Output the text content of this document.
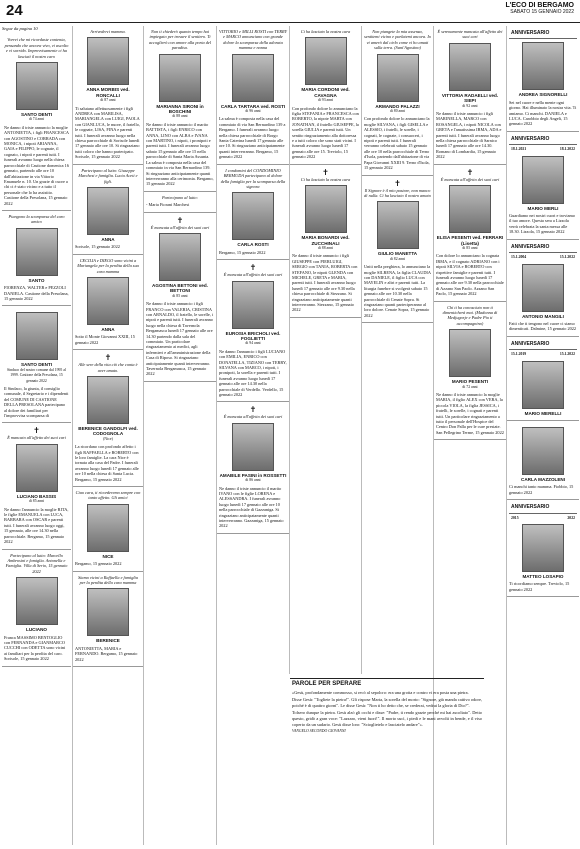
24	L'ECO DI BERGAMO
SABATO 15 GENNAIO 2022
Segue da pagina 10

Vorrei che mi ricordaste contenta, pensando che ancora vivo, vi ascolto e vi sorrido. Improvvisamente ci ha lasciati il nostro caro

SANTO DENTI
di 74 anni

Ne danno il triste annuncio la moglie ANTONIETTA, i figli FRANCESCA con AGOSTINO e CORRADA con MONICA, i nipoti ARIANNA, GAIA e FILIPPO, le cognate, il cognato, i nipoti e parenti tutti. I funerali avranno luogo nella chiesa parrocchiale di Castione domenica 16 gennaio, partendo alle ore 10 dall'abitazione in via Vittorio Emanuele n. 10. Un grazie di cuore a chi ci è stato vicino e a tutto il personale che lo ha assistito. Castione della Presolana, 15 gennaio 2022

Piangono la scomparsa del caro amico

SANTO

FIORENZA, WALTER e PEZZOLI DANIELA. Castione della Presolana, 15 gennaio 2022

SANTO DENTI
Sindaco del nostro comune dal 1995 al 1999. Castione della Presolana, 15 gennaio 2022

Il Sindaco, la giunta, il consiglio comunale, il Segretario e i dipendenti del COMUNE DI CASTIONE DELLA PRESOLANA partecipano al dolore dei familiari per l'improvvisa scomparsa di

✝

È mancato all'affetto dei suoi cari

LUCIANO BASSIS
di 85 anni

Ne danno l'annuncio la moglie RITA, le figlie EMANUELA con LUCA, BARBARA con OSCAR e parenti tutti. I funerali avranno luogo oggi, 15 gennaio, alle ore 14.30 nella parrocchiale. Bergamo, 15 gennaio 2022

Partecipano al lutto: Marcello Ambrosini e famiglia. Antonella e Famiglia. Villa di Serio, 15 gennaio 2022

LUCIANO

Franca MASSIMO BENTOGLIO con FERNANDA e GIANMARCO CUCCHI con ODETTA sono vicini ai familiari per la perdita del caro. Sorisole, 15 gennaio 2022

Arrivederci mamma.

ANNA MORBIS ved. RONCALLI
di 87 anni

Ti salutano affettuosamente i figli ANDREA con MARILISA, MARIANGELA con LUIGI, PAOLA con GIANLUCA, le nuore, il fratello, le cognate, LISA, FINA e parenti tutti. I funerali avranno luogo nella chiesa parrocchiale di Sorisole lunedì 17 gennaio alle ore 10. Si ringraziano tutti coloro che hanno partecipato. Sorisole, 15 gennaio 2022

Partecipano al lutto: Giuseppe Marchesi e famiglia. Lucia Aceti e figli.

ANNA

Sorisole, 15 gennaio 2022

CECILIA e DIEGO sono vicini a Mariangela per la perdita della sua cara mamma

ANNA

Sotto il Monte Giovanni XXIII, 15 gennaio 2022

✝

Alle sere della vita ciò che conta è aver amato.

BERENICE GANDOLFI ved. CODOGNOLA
(Nice)

La ricordano con profondo affetto i figli RAFFAELLA e ROBERTO con le loro famiglie. La cara Nice è tornata alla casa del Padre. I funerali avranno luogo lunedì 17 gennaio alle ore 10 nella chiesa di Santa Lucia. Bergamo, 15 gennaio 2022

Ciao cara, ti ricorderemo sempre con tanto affetto. Gli amici

NICE

Bergamo, 15 gennaio 2022

Siamo vicini a Raffaella e famiglia per la perdita della cara mamma

BERENICE

ANTONIETTA, MARIA e FERNANDO. Bergamo, 15 gennaio 2022

Non ti chiederò quanto tempo hai impiegato per trovare il sentiero. Ti accoglierò con amore alla porta del paradiso.

MARIANNA SIRONI in BOSCHINI
di 88 anni

Ne danno il triste annuncio il marito BATTISTA, i figli ENRICO con ANNA, LINO con ALBA e IVANA con MARTINO, i nipoti, i pronipoti e parenti tutti. I funerali avranno luogo sabato 15 gennaio alle ore 15 nella parrocchiale di Santa Maria Assunta. La salma è composta nella casa del commiato in via San Bernardino 139. Si ringraziano anticipatamente quanti interverranno alla cerimonia. Bergamo, 15 gennaio 2022

Partecipano al lutto:

- Maria Fiorani Marchesi

✝

È mancata all'affetto dei suoi cari

AGOSTINA BETTONI ved. BETTONI
di 85 anni

Ne danno il triste annuncio i figli FRANCO con VALERIA, CRISTINA con ARNALDO, il fratello, le sorelle, i nipoti e parenti tutti. I funerali avranno luogo nella chiesa di Tavernola Bergamasca lunedì 17 gennaio alle ore 14.30 partendo dalla sala del commiato. Un particolare ringraziamento ai medici, agli infermieri e all'amministrazione della Casa di Riposo. Si ringraziano anticipatamente quanti interverranno. Tavernola Bergamasca, 15 gennaio 2022

VITTORIO e MILLI ROSTI con TERRY e MARCO annunciano con grande dolore la scomparsa della adorata mamma e nonna

CARLA TARTARA ved. ROSTI
di 96 anni

La salma è composta nella casa del commiato di via San Bernardino 139 a Bergamo. I funerali avranno luogo nella chiesa parrocchiale di Borgo Santa Caterina lunedì 17 gennaio alle ore 10. Si ringraziano anticipatamente quanti interverranno. Bergamo, 15 gennaio 2022

I condomini del CONDOMINIO BERMUDA partecipano al dolore della famiglia per la scomparsa della signora

CARLA ROSTI

Bergamo, 15 gennaio 2022

✝

È mancata all'affetto dei suoi cari

EUROSIA BRICHOLI ved. FOGLIETTI
di 94 anni

Ne danno l'annuncio i figli LUCIANO con EMILIA, ENRICO con DONATELLA, TIZIANO con TERRY, SILVANA con MARCO, i nipoti, i pronipoti, la sorella e parenti tutti. I funerali avranno luogo lunedì 17 gennaio alle ore 14.30 nella parrocchiale di Verdello. Verdello, 15 gennaio 2022

✝

È mancata all'affetto dei suoi cari

AMABILE PASINI in ROSSETTI
di 86 anni

Ne danno il triste annuncio il marito IVANO con le figlie LORENA e ALESSANDRA. I funerali avranno luogo lunedì 17 gennaio alle ore 10 nella parrocchiale di Gazzaniga. Si ringraziano anticipatamente quanti interverranno. Gazzaniga, 15 gennaio 2022

Ci ha lasciato la nostra cara

MARIA CORDONI ved. CAVAGNA
di 93 anni

Con profondo dolore lo annunciano la figlia STEFANIA e FRANCESCA con ROBERTO, la nipote MARTA con JONATHAN, il fratello GIUSEPPE, la sorella GIULIA e parenti tutti. Un sentito ringraziamento alla dottoressa e a tutti coloro che sono stati vicini. I funerali avranno luogo lunedì 17 gennaio alle ore 15. Treviolo, 15 gennaio 2022

✝

Ci ha lasciato la nostra cara

MARIA BONARDI ved. ZUCCHINALI
di 88 anni

Ne danno il triste annuncio i figli GIUSEPPE con PIERLUIGI, SERGIO con TANIA, ROBERTA con STEFANO, le nipoti GLENDA con MICHELE, GRETA e MARIA, parenti tutti. I funerali avranno luogo lunedì 17 gennaio alle ore 9.30 nella chiesa parrocchiale di Stezzano. Si ringraziano anticipatamente quanti interverranno. Stezzano, 15 gennaio 2022

Non piangete la mia assenza, sentitemi vicino e parlatemi ancora. Io vi amerò dal cielo come vi ho amati sulla terra. (Sant'Agostino)

ARMANDO PALAZZI
di 80 anni

Con profondo dolore lo annunciano la moglie SILVANA, i figli GISELLA e ALESSIO, i fratelli, le sorelle, i cognati, le cognate, i consuoceri, i nipoti e parenti tutti. I funerali verranno celebrati sabato 15 gennaio alle ore 10 nella parrocchiale di Terno d'Isola, partendo dall'abitazione di via Papa Giovanni XXIII 9. Terno d'Isola, 15 gennaio 2022

✝

Il Signore è il mio pastore, non manco di nulla. Ci ha lasciato il nostro amato

GIULIO MANETTA
di 82 anni

Uniti nella preghiera, lo annunciano la moglie SILRENA, la figlia CLAUDIA con DANIELE, il figlio LUCA con MAYELIN e altri e parenti tutti. La liturgia funebre si svolgerà sabato 15 gennaio alle ore 10.30 nella parrocchiale di Cenate Sopra. Si ringraziano quanti parteciperanno al loro dolore. Cenate Sopra, 15 gennaio 2022

È serenamente mancata all'affetto dei suoi cari

VITTORIA RADAELLI ved. SIEPI
di 92 anni

Ne danno il triste annuncio i figli MARINELLA, MARCO con ROSANGELA, i nipoti NICOLA con GRETA e l'amatissima IRMA, ADA e parenti tutti. I funerali avranno luogo nella chiesa parrocchiale di Sarnico lunedì 17 gennaio alle ore 14.30. Romano di Lombardia, 15 gennaio 2022

✝

È mancata all'affetto dei suoi cari

ELISA PESENTI ved. FERRARI (Lisetta)
di 85 anni

Con dolore lo annunciano la cognata IRMA, e il cognato ADRIANO con i nipoti SILVIA e ROBERTO con rispettive famiglie e parenti tutti. I funerali avranno luogo lunedì 17 gennaio alle ore 9.30 nella parrocchiale di Azzano San Paolo. Azzano San Paolo, 15 gennaio 2022

Chi ti ha conosciuto non ti dimenticherà mai. (Madonna di Medjugorje e Padre Pio ti accompagnino)

MARIO PESENTI
di 72 anni

Ne danno il triste annuncio la moglie MARIA, il figlio ALEX con VERA, la piccola VIOLA, la figlia JESSICA, i fratelli, le sorelle, i cognati e parenti tutti. Un particolare ringraziamento a tutto il personale dell'Hospice del Centro Don Palla per le cure prestate. San Pellegrino Terme, 15 gennaio 2022

ANNIVERSARIO
ANDREA SIGNORELLI

Sei nel cuore e nella mente ogni giorno. Hai illuminato la nostra vita. Ti amiamo. Ci manchi. DANIELA e LUCA. Carobbio degli Angeli, 15 gennaio 2022

ANNIVERSARIO
18.1.2021	18.1.2022
MARIO MERLI

Guardiamo nei nostri cuori e troviamo il tuo amore. Questa sera a Lizzola verrà celebrata la santa messa alle 18.30. Lizzola, 15 gennaio 2022

ANNIVERSARIO
15.1.2004	15.1.2022
ANTONIO MANGILI

Fatti che ti tengono nel cuore ci siamo dimenticati. Dalmine, 15 gennaio 2022

ANNIVERSARIO
15.1.2019	15.1.2022
MARIO MERELLI
CARLA MAZZOLENI

Ci manchi tanto mamma. Fiobbio, 15 gennaio 2022

ANNIVERSARIO
2015	2022
MATTEO LOSAPIO

Ti ricordiamo sempre. Treviolo, 15 gennaio 2022

PAROLE PER SPERARE

«Gesù, profondamente commosso, si recò al sepolcro: era una grotta e contro vi era posta una pietra.

Disse Gesù: "Togliete la pietra!". Gli rispose Marta, la sorella del morto: "Signore, già manda cattivo odore, poiché è di quattro giorni". Le disse Gesù: "Non ti ho detto che, se crederai, vedrai la gloria di Dio?".

Tolsero dunque la pietra. Gesù alzò gli occhi e disse: "Padre, ti rendo grazie perché mi hai ascoltato". Detto questo, gridò a gran voce: "Lazzaro, vieni fuori!". Il morto uscì, i piedi e le mani avvolti in bende, e il viso coperto da un sudario. Gesù disse loro: "Scioglietelo e lasciatelo andare"».

VANGELO SECONDO GIOVANNI
